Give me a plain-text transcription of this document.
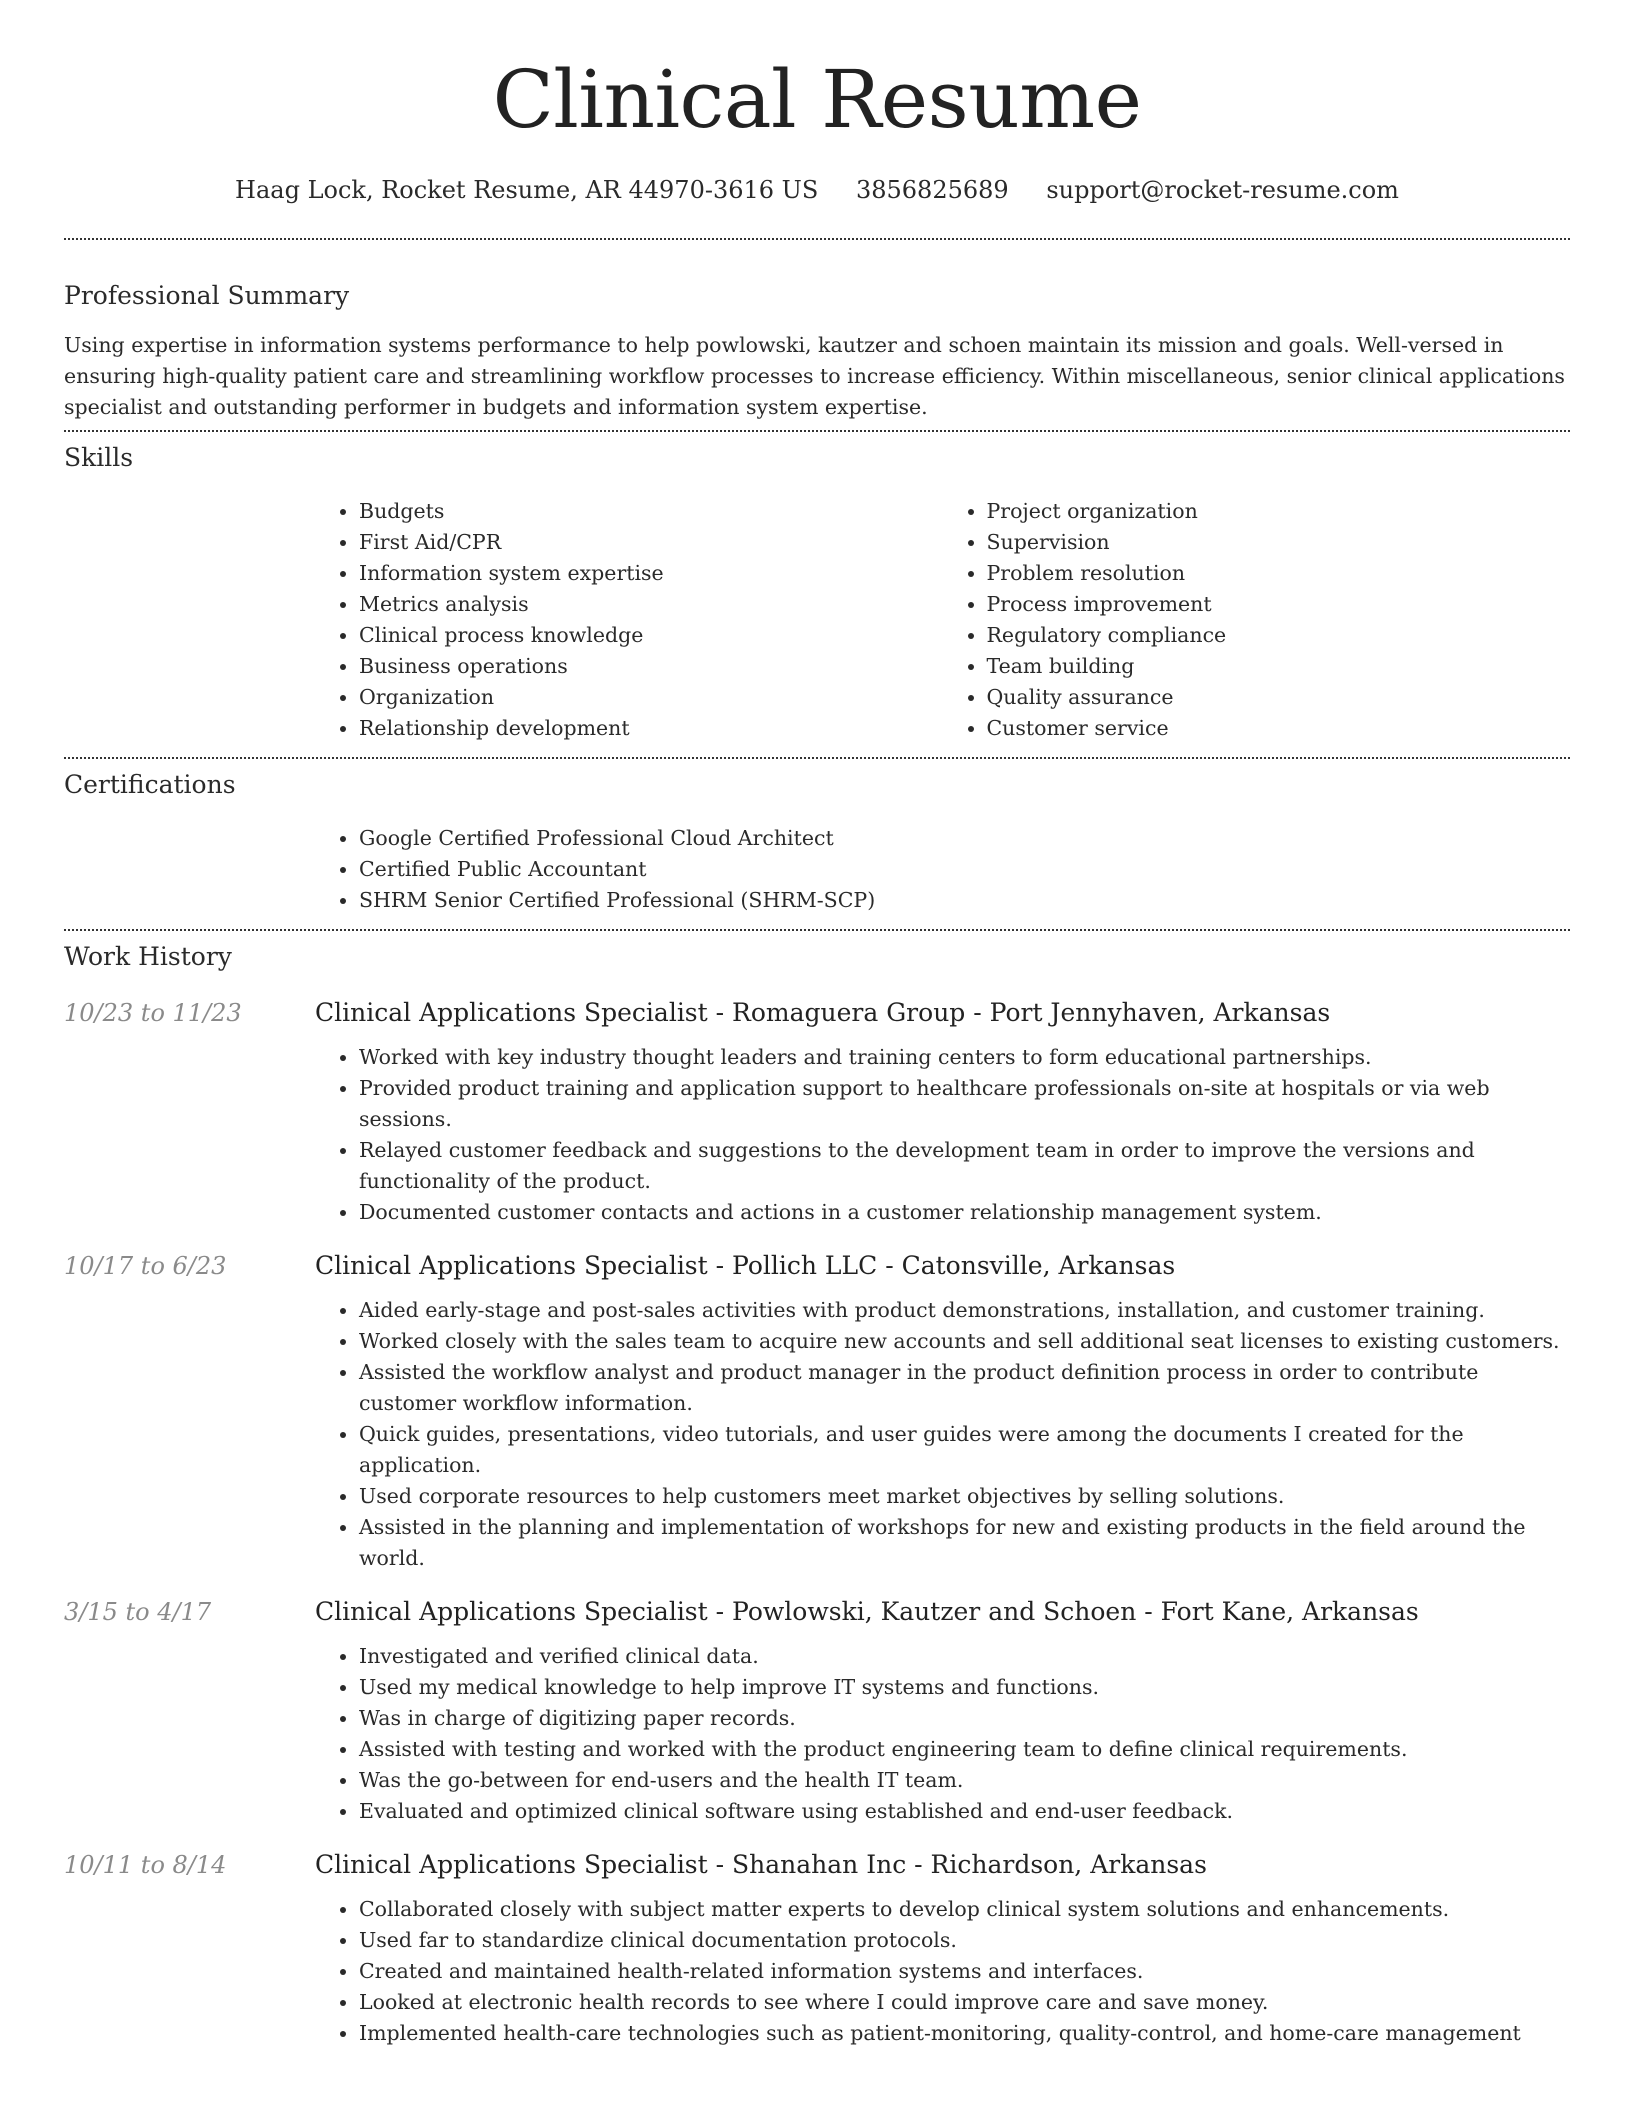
Clinical Resume
Haag Lock, Rocket Resume, AR 44970-3616 US 3856825689 support@rocket-resume.com
Professional Summary

Using expertise in information systems performance to help powlowski, kautzer and schoen maintain its mission and goals. Well-versed in ensuring high-quality patient care and streamlining workflow processes to increase efficiency. Within miscellaneous, senior clinical applications specialist and outstanding performer in budgets and information system expertise.

Skills
• Budgets
• First Aid/CPR
• Information system expertise
• Metrics analysis
• Clinical process knowledge
• Business operations
• Organization
• Relationship development
• Project organization
• Supervision
• Problem resolution
• Process improvement
• Regulatory compliance
• Team building
• Quality assurance
• Customer service
Certifications
• Google Certified Professional Cloud Architect
• Certified Public Accountant
• SHRM Senior Certified Professional (SHRM-SCP)
Work History
10/23 to 11/23	Clinical Applications Specialist - Romaguera Group - Port Jennyhaven, Arkansas
• Worked with key industry thought leaders and training centers to form educational partnerships.
• Provided product training and application support to healthcare professionals on-site at hospitals or via web sessions.
• Relayed customer feedback and suggestions to the development team in order to improve the versions and functionality of the product.
• Documented customer contacts and actions in a customer relationship management system.
10/17 to 6/23	Clinical Applications Specialist - Pollich LLC - Catonsville, Arkansas
• Aided early-stage and post-sales activities with product demonstrations, installation, and customer training.
• Worked closely with the sales team to acquire new accounts and sell additional seat licenses to existing customers.
• Assisted the workflow analyst and product manager in the product definition process in order to contribute customer workflow information.
• Quick guides, presentations, video tutorials, and user guides were among the documents I created for the application.
• Used corporate resources to help customers meet market objectives by selling solutions.
• Assisted in the planning and implementation of workshops for new and existing products in the field around the world.
3/15 to 4/17	Clinical Applications Specialist - Powlowski, Kautzer and Schoen - Fort Kane, Arkansas
• Investigated and verified clinical data.
• Used my medical knowledge to help improve IT systems and functions.
• Was in charge of digitizing paper records.
• Assisted with testing and worked with the product engineering team to define clinical requirements.
• Was the go-between for end-users and the health IT team.
• Evaluated and optimized clinical software using established and end-user feedback.
10/11 to 8/14	Clinical Applications Specialist - Shanahan Inc - Richardson, Arkansas
• Collaborated closely with subject matter experts to develop clinical system solutions and enhancements.
• Used far to standardize clinical documentation protocols.
• Created and maintained health-related information systems and interfaces.
• Looked at electronic health records to see where I could improve care and save money.
• Implemented health-care technologies such as patient-monitoring, quality-control, and home-care management
